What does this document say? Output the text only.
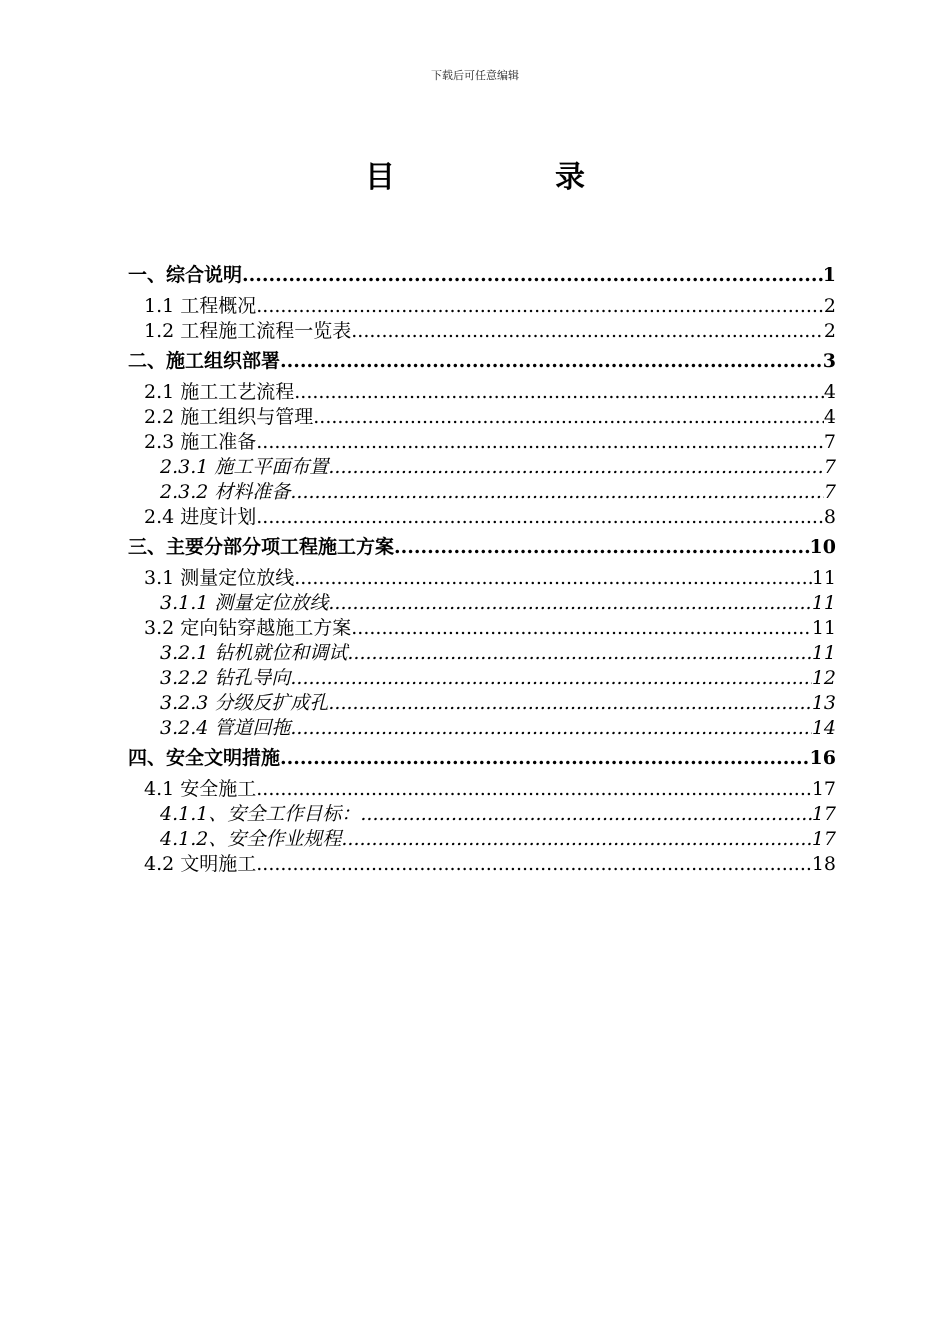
下载后可任意编辑
目	录
一、综合说明 .....	1
1.1 工程概况 .....	2
1.2 工程施工流程一览表 .....	2
二、施工组织部署 .....	3
2.1 施工工艺流程 .....	4
2.2 施工组织与管理 .....	4
2.3 施工准备 .....	7
2.3.1 施工平面布置 .....	7
2.3.2 材料准备 .....	7
2.4 进度计划 .....	8
三、主要分部分项工程施工方案 .....	10
3.1 测量定位放线 .....	11
3.1.1 测量定位放线 .....	11
3.2 定向钻穿越施工方案 .....	11
3.2.1 钻机就位和调试 .....	11
3.2.2 钻孔导向 .....	12
3.2.3 分级反扩成孔 .....	13
3.2.4 管道回拖 .....	14
四、安全文明措施 .....	16
4.1 安全施工 .....	17
4.1.1、安全工作目标： .....	17
4.1.2、安全作业规程 .....	17
4.2 文明施工 .....	18
